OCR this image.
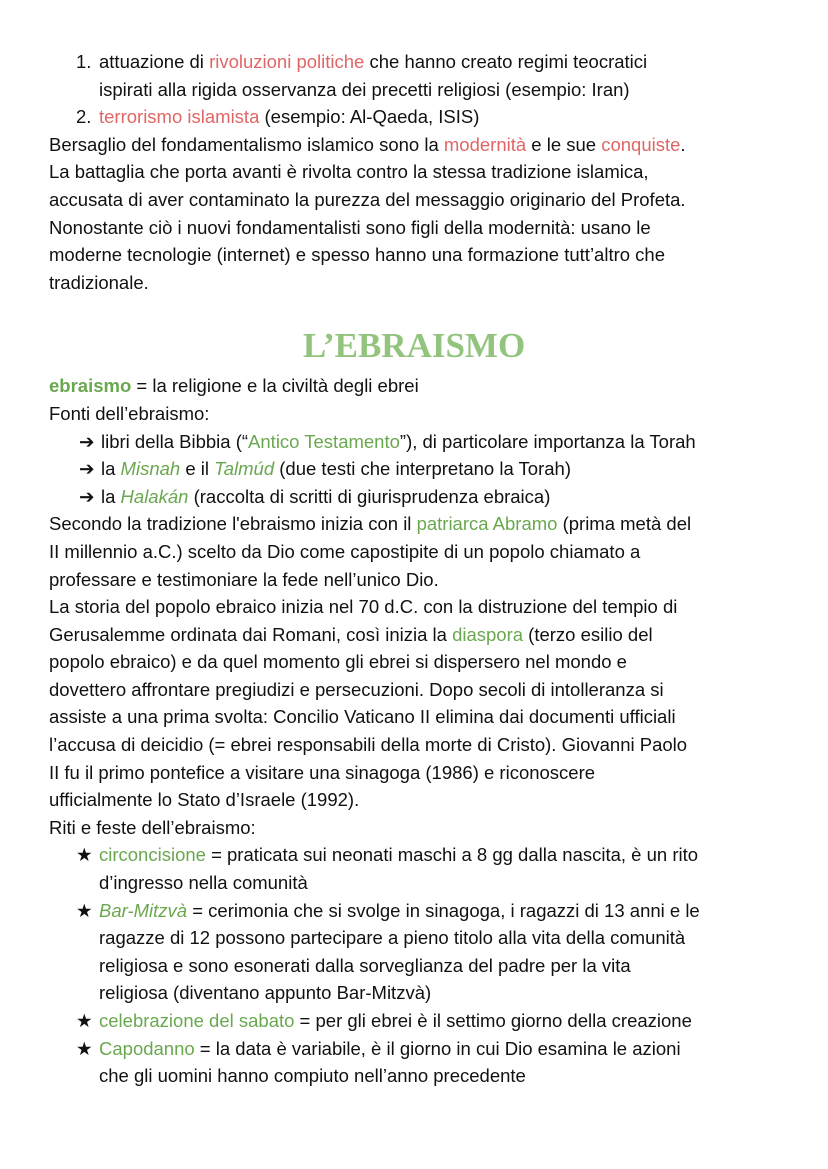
1. attuazione di rivoluzioni politiche che hanno creato regimi teocratici

ispirati alla rigida osservanza dei precetti religiosi (esempio: Iran)

2. terrorismo islamista (esempio: Al-Qaeda, ISIS)

Bersaglio del fondamentalismo islamico sono la modernità e le sue conquiste.

La battaglia che porta avanti è rivolta contro la stessa tradizione islamica,

accusata di aver contaminato la purezza del messaggio originario del Profeta.

Nonostante ciò i nuovi fondamentalisti sono figli della modernità: usano le

moderne tecnologie (internet) e spesso hanno una formazione tutt’altro che

tradizionale.

L’EBRAISMO

ebraismo = la religione e la civiltà degli ebrei

Fonti dell’ebraismo:

➔ libri della Bibbia (“Antico Testamento”), di particolare importanza la Torah

➔ la Misnah e il Talmúd (due testi che interpretano la Torah)

➔ la Halakán (raccolta di scritti di giurisprudenza ebraica)

Secondo la tradizione l'ebraismo inizia con il patriarca Abramo (prima metà del

II millennio a.C.) scelto da Dio come capostipite di un popolo chiamato a

professare e testimoniare la fede nell’unico Dio.

La storia del popolo ebraico inizia nel 70 d.C. con la distruzione del tempio di

Gerusalemme ordinata dai Romani, così inizia la diaspora (terzo esilio del

popolo ebraico) e da quel momento gli ebrei si dispersero nel mondo e

dovettero affrontare pregiudizi e persecuzioni. Dopo secoli di intolleranza si

assiste a una prima svolta: Concilio Vaticano II elimina dai documenti ufficiali

l’accusa di deicidio (= ebrei responsabili della morte di Cristo). Giovanni Paolo

II fu il primo pontefice a visitare una sinagoga (1986) e riconoscere

ufficialmente lo Stato d’Israele (1992).

Riti e feste dell’ebraismo:

★ circoncisione = praticata sui neonati maschi a 8 gg dalla nascita, è un rito

d’ingresso nella comunità

★ Bar-Mitzvà = cerimonia che si svolge in sinagoga, i ragazzi di 13 anni e le

ragazze di 12 possono partecipare a pieno titolo alla vita della comunità

religiosa e sono esonerati dalla sorveglianza del padre per la vita

religiosa (diventano appunto Bar-Mitzvà)

★ celebrazione del sabato = per gli ebrei è il settimo giorno della creazione

★ Capodanno = la data è variabile, è il giorno in cui Dio esamina le azioni

che gli uomini hanno compiuto nell’anno precedente
